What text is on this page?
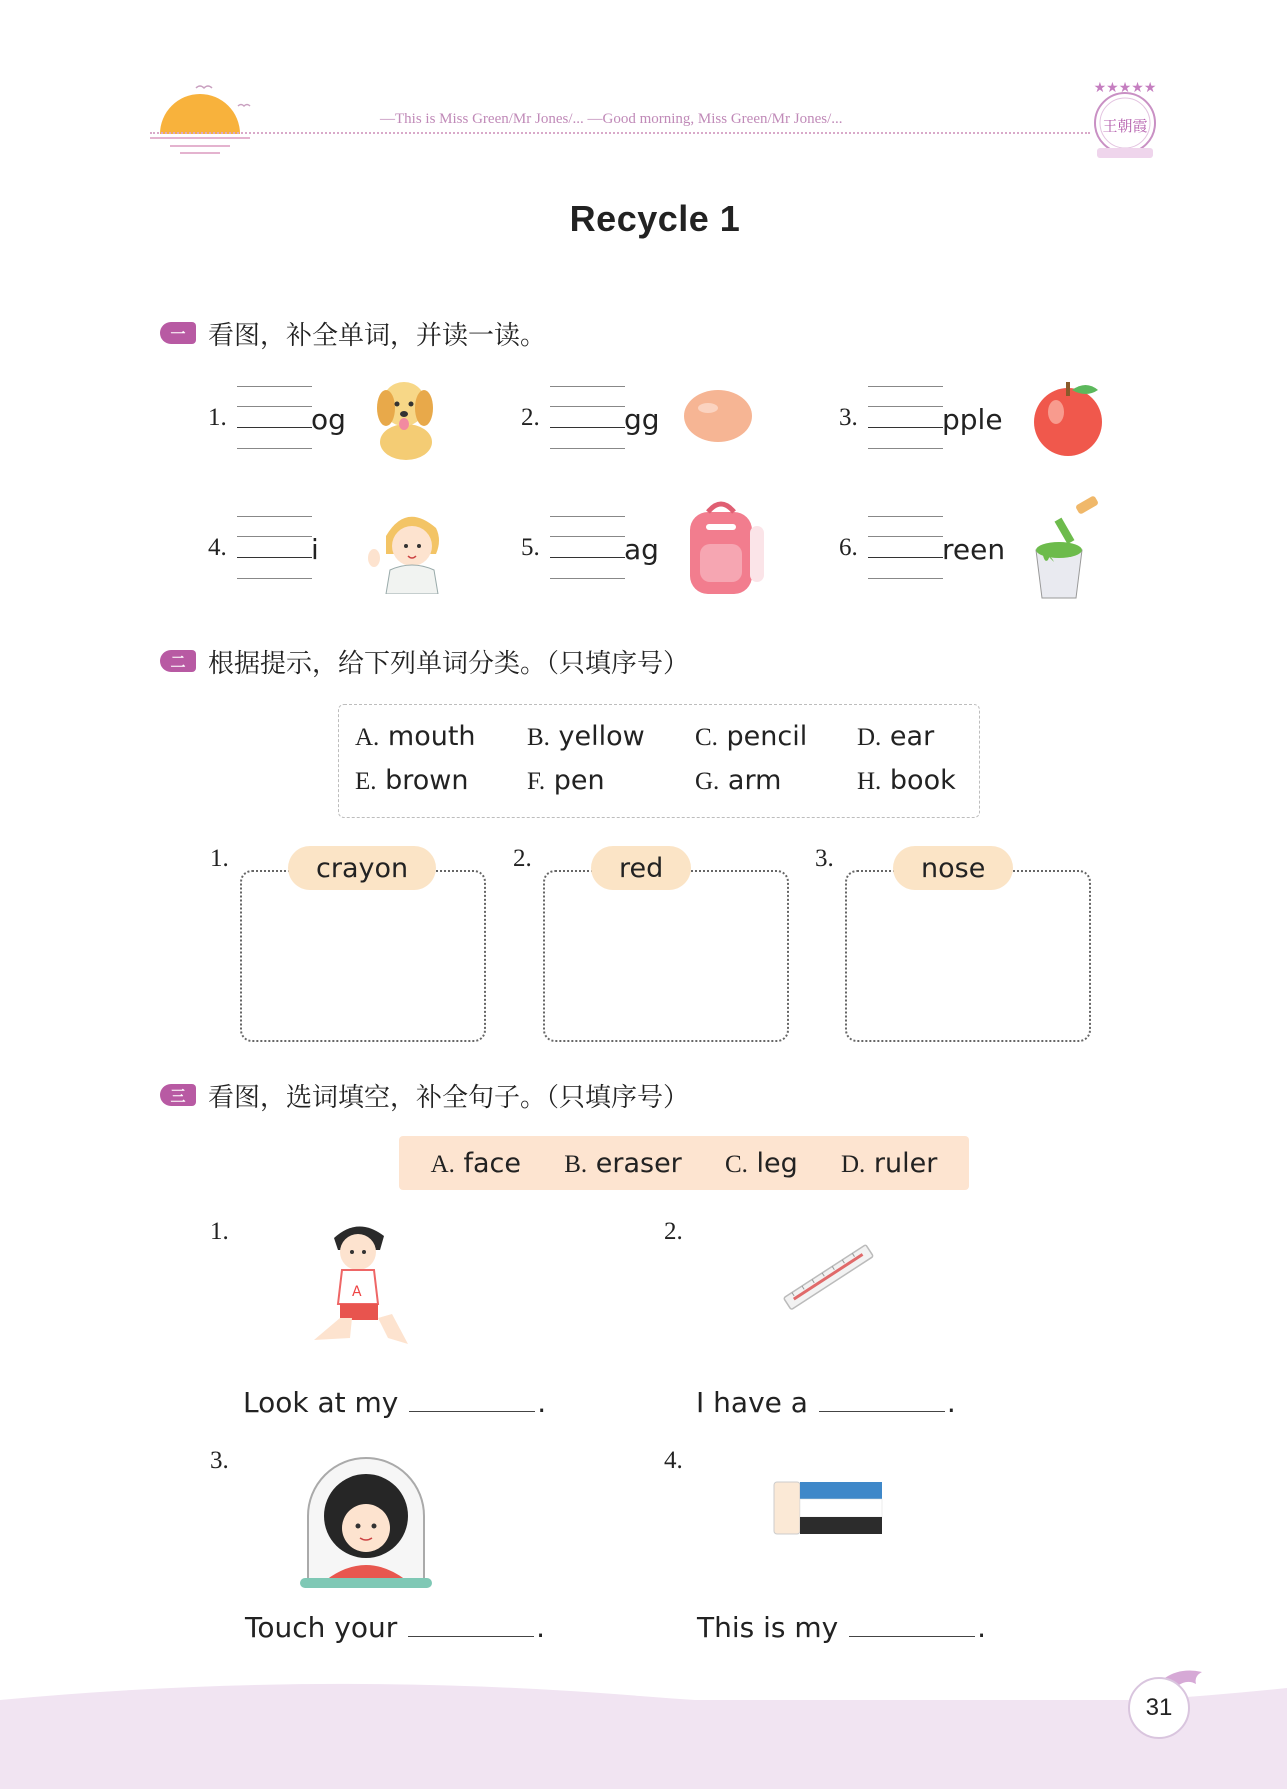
—This is Miss Green/Mr Jones/... —Good morning, Miss Green/Mr Jones/...
★★★★★
王朝霞
Recycle 1
一 看图，补全单词，并读一读。
1.	og	2.	gg	3.	pple
4.	i	5.	ag	6.	reen
二 根据提示，给下列单词分类。（只填序号）
A. mouth B. yellow C. pencil D. ear
E. brown F. pen	G. arm	H. book
1.	crayon	2.	red	3.	nose
三 看图，选词填空，补全句子。（只填序号）
A. face B. eraser C. leg D. ruler
1.
A
Look at my	.
2.
I have a	.
3.
Touch your	.
4.
This is my	.
31
